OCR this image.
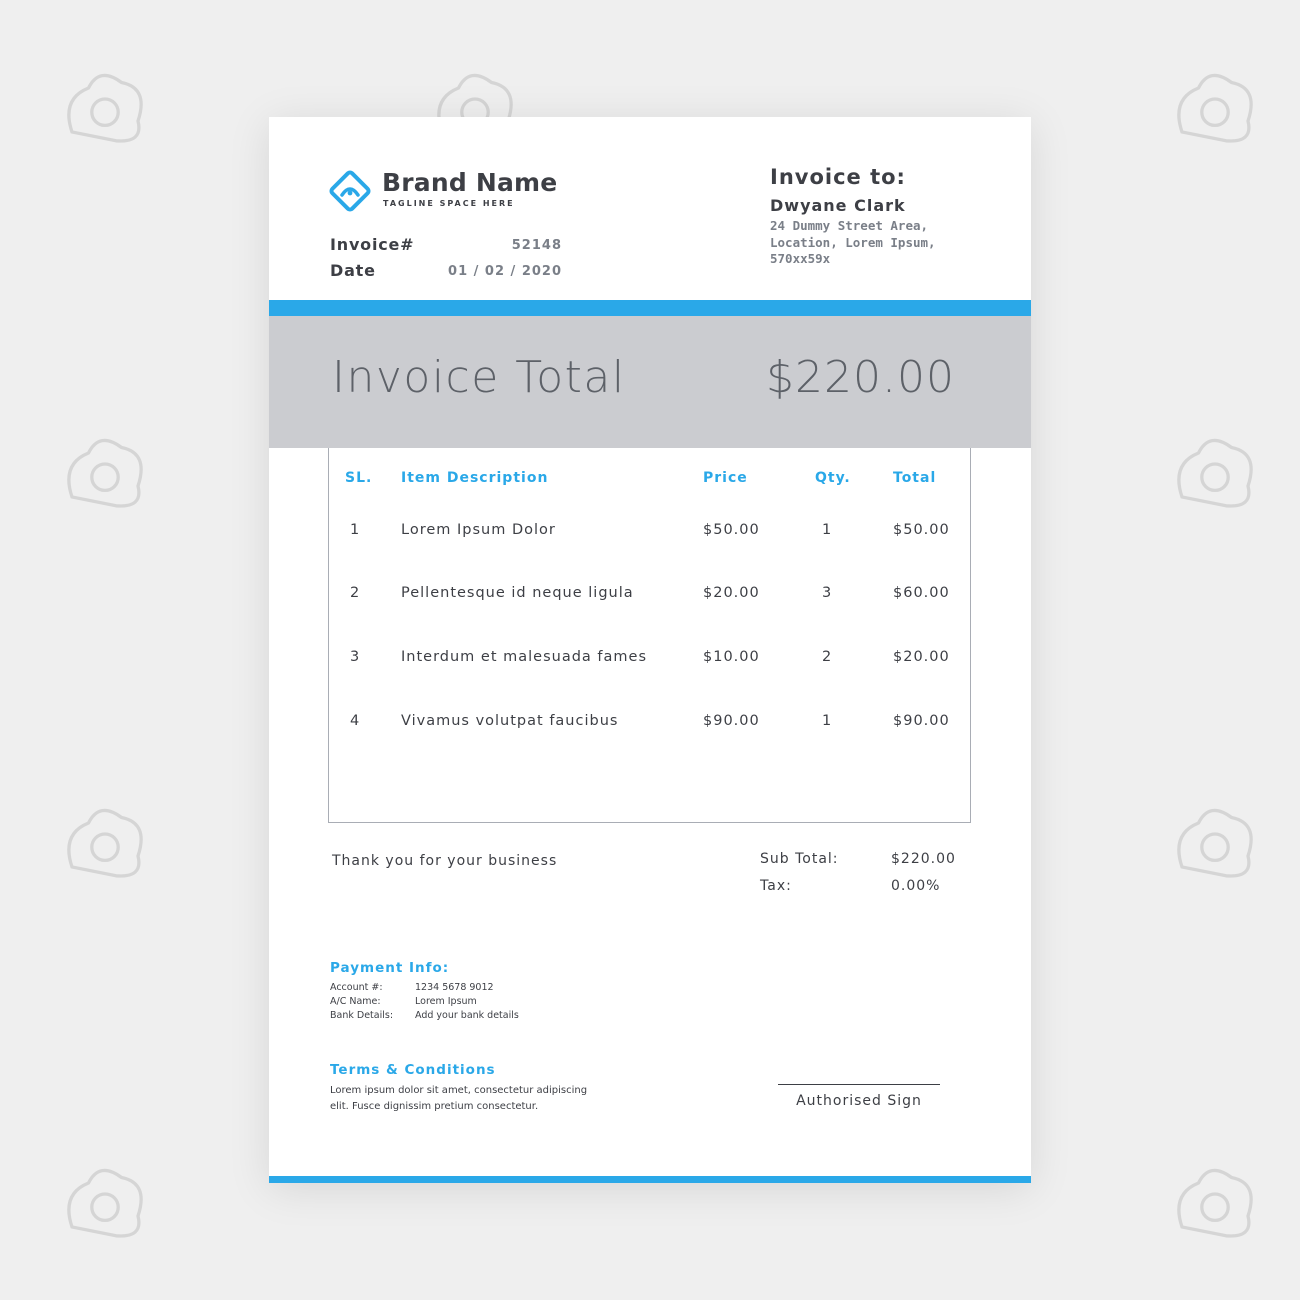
Brand Name
TAGLINE SPACE HERE
Invoice#	52148
Date	01 / 02 / 2020
Invoice to:
Dwyane Clark
24 Dummy Street Area,
Location, Lorem Ipsum,
570xx59x
Invoice Total	$220.00
SL. Item Description	Price	Qty.	Total
1	Lorem Ipsum Dolor	$50.00	1	$50.00
2	Pellentesque id neque ligula	$20.00	3	$60.00
3	Interdum et malesuada fames	$10.00	2	$20.00
4	Vivamus volutpat faucibus	$90.00	1	$90.00
Thank you for your business	Sub Total:	$220.00
Tax:	0.00%
Payment Info:
Account #:	1234 5678 9012
A/C Name:	Lorem Ipsum
Bank Details: Add your bank details
Terms & Conditions
Lorem ipsum dolor sit amet, consectetur adipiscing
elit. Fusce dignissim pretium consectetur.	Authorised Sign
